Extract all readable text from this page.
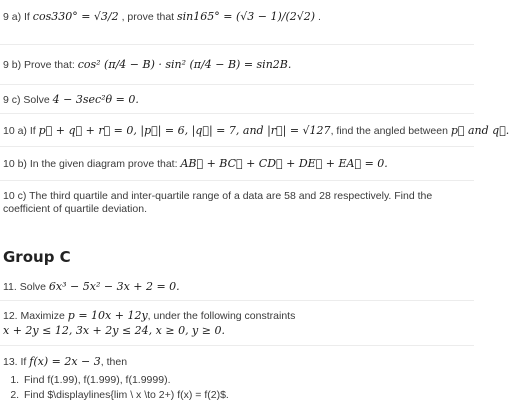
9 a) If cos330° = √3/2 , prove that sin165° = (√3 − 1)/(2√2) .
9 b) Prove that: cos² (π/4 − B) · sin² (π/4 − B) = sin2B.
9 c) Solve 4 − 3sec²θ = 0.
10 a) If p⃗ + q⃗ + r⃗ = 0, |p⃗| = 6, |q⃗| = 7, and |r⃗| = √127, find the angled between p⃗ and q⃗.
10 b) In the given diagram prove that: AB⃗ + BC⃗ + CD⃗ + DE⃗ + EA⃗ = 0.
10 c) The third quartile and inter-quartile range of a data are 58 and 28 respectively. Find the coefficient of quartile deviation.
Group C
11. Solve 6x³ − 5x² − 3x + 2 = 0.
12. Maximize p = 10x + 12y, under the following constraints
x + 2y ≤ 12, 3x + 2y ≤ 24, x ≥ 0, y ≥ 0.
13. If f(x) = 2x − 3, then
1. Find f(1.99), f(1.999), f(1.9999).
2. Find $\displaylines{lim \ x \to 2+) f(x) = f(2)$.
